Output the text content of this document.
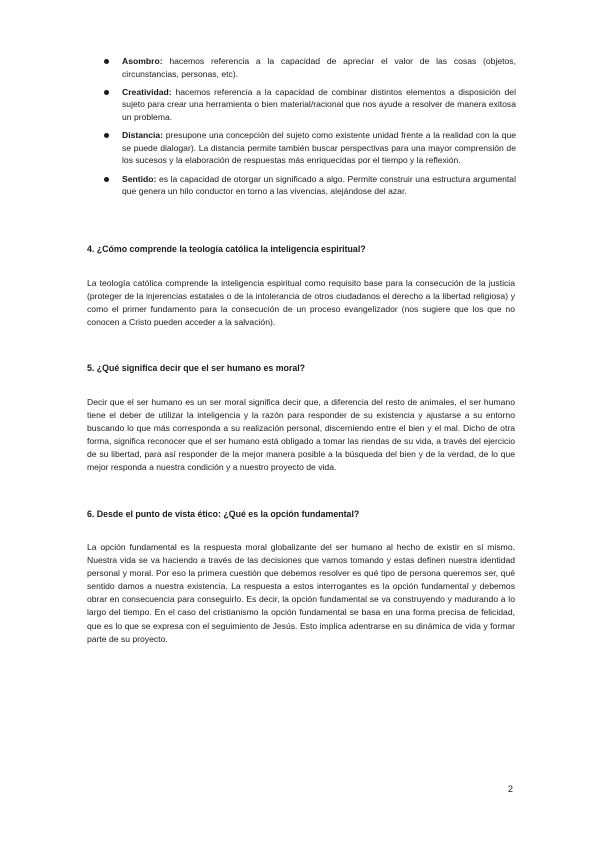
Asombro: hacemos referencia a la capacidad de apreciar el valor de las cosas (objetos, circunstancias, personas, etc).
Creatividad: hacemos referencia a la capacidad de combinar distintos elementos a disposición del sujeto para crear una herramienta o bien material/racional que nos ayude a resolver de manera exitosa un problema.
Distancia: presupone una concepción del sujeto como existente unidad frente a la realidad con la que se puede dialogar). La distancia permite también buscar perspectivas para una mayor comprensión de los sucesos y la elaboración de respuestas más enriquecidas por el tiempo y la reflexión.
Sentido: es la capacidad de otorgar un significado a algo. Permite construir una estructura argumental que genera un hilo conductor en torno a las vivencias, alejándose del azar.
4. ¿Cómo comprende la teología católica la inteligencia espiritual?

La teología católica comprende la inteligencia espiritual como requisito base para la consecución de la justicia (proteger de la injerencias estatales o de la intolerancia de otros ciudadanos el derecho a la libertad religiosa) y como el primer fundamento para la consecución de un proceso evangelizador (nos sugiere que los que no conocen a Cristo pueden acceder a la salvación).

5. ¿Qué significa decir que el ser humano es moral?

Decir que el ser humano es un ser moral significa decir que, a diferencia del resto de animales, el ser humano tiene el deber de utilizar la inteligencia y la razón para responder de su existencia y ajustarse a su entorno buscando lo que más corresponda a su realización personal, discerniendo entre el bien y el mal. Dicho de otra forma, significa reconocer que el ser humano está obligado a tomar las riendas de su vida, a través del ejercicio de su libertad, para así responder de la mejor manera posible a la búsqueda del bien y de la verdad, de lo que mejor responda a nuestra condición y a nuestro proyecto de vida.

6. Desde el punto de vista ético: ¿Qué es la opción fundamental?

La opción fundamental es la respuesta moral globalizante del ser humano al hecho de existir en sí mismo. Nuestra vida se va haciendo a través de las decisiones que vamos tomando y estas definen nuestra identidad personal y moral. Por eso la primera cuestión que debemos resolver es qué tipo de persona queremos ser, qué sentido damos a nuestra existencia. La respuesta a estos interrogantes es la opción fundamental y debemos obrar en consecuencia para conseguirlo. Es decir, la opción fundamental se va construyendo y madurando a lo largo del tiempo. En el caso del cristianismo la opción fundamental se basa en una forma precisa de felicidad, que es lo que se expresa con el seguimiento de Jesús. Esto implica adentrarse en su dinámica de vida y formar parte de su proyecto.

2
